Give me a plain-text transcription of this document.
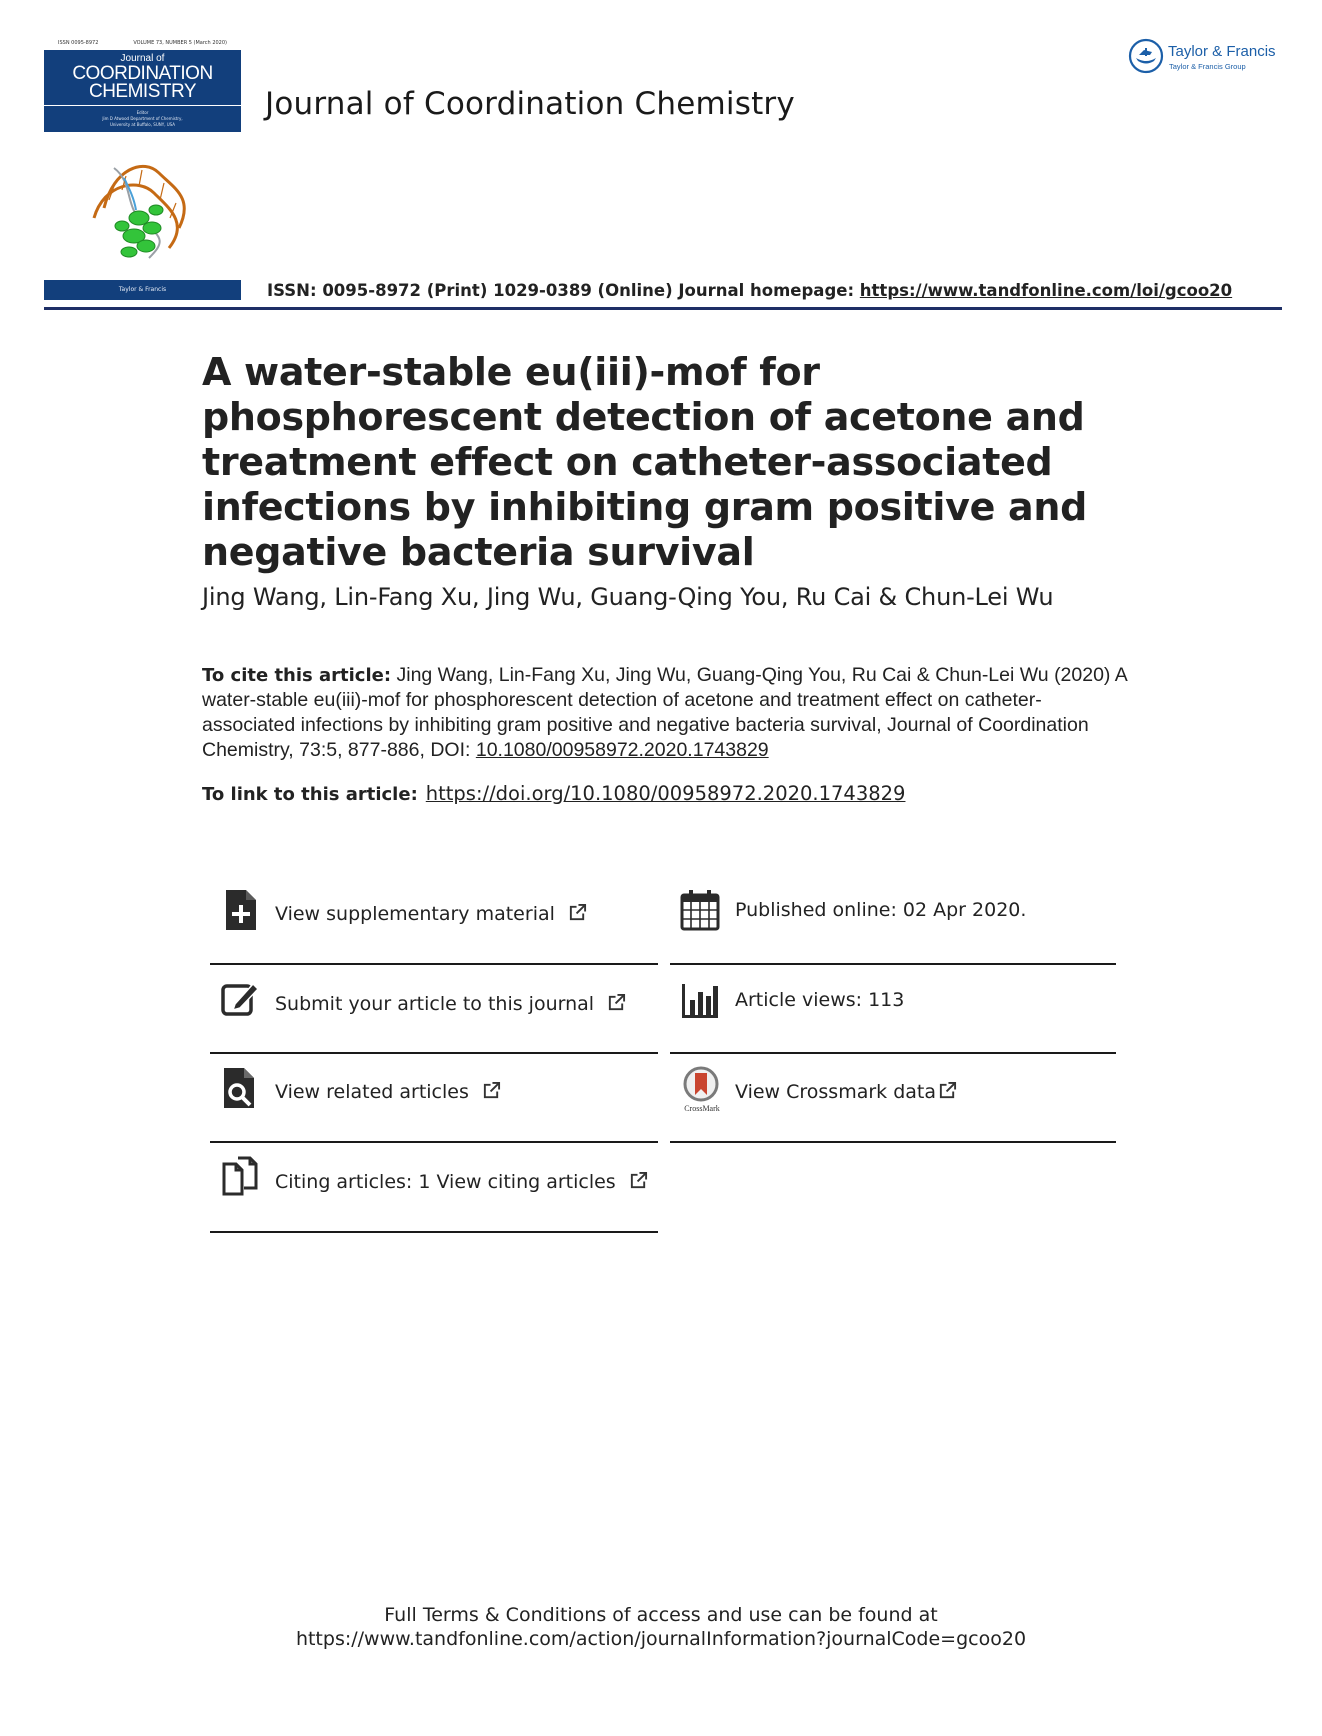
ISSN 0095-8972	VOLUME 73, NUMBER 5 (March 2020)
Journal of
COORDINATION
CHEMISTRY
Editor
Jim D Atwood Department of Chemistry,
University at Buffalo, SUNY, USA
Taylor & Francis
Journal of Coordination Chemistry
Taylor & Francis
Taylor & Francis Group
ISSN: 0095-8972 (Print) 1029-0389 (Online) Journal homepage: https://www.tandfonline.com/loi/gcoo20
A water-stable eu(iii)-mof for phosphorescent detection of acetone and treatment effect on catheter-associated infections by inhibiting gram positive and negative bacteria survival
Jing Wang, Lin-Fang Xu, Jing Wu, Guang-Qing You, Ru Cai & Chun-Lei Wu
To cite this article: Jing Wang, Lin-Fang Xu, Jing Wu, Guang-Qing You, Ru Cai & Chun-Lei Wu (2020) A water-stable eu(iii)-mof for phosphorescent detection of acetone and treatment effect on catheter-associated infections by inhibiting gram positive and negative bacteria survival, Journal of Coordination Chemistry, 73:5, 877-886, DOI: 10.1080/00958972.2020.1743829
To link to this article: https://doi.org/10.1080/00958972.2020.1743829
View supplementary material
Submit your article to this journal
View related articles
Citing articles: 1 View citing articles
Published online: 02 Apr 2020.
Article views: 113
CrossMark
View Crossmark data
Full Terms & Conditions of access and use can be found at
https://www.tandfonline.com/action/journalInformation?journalCode=gcoo20
